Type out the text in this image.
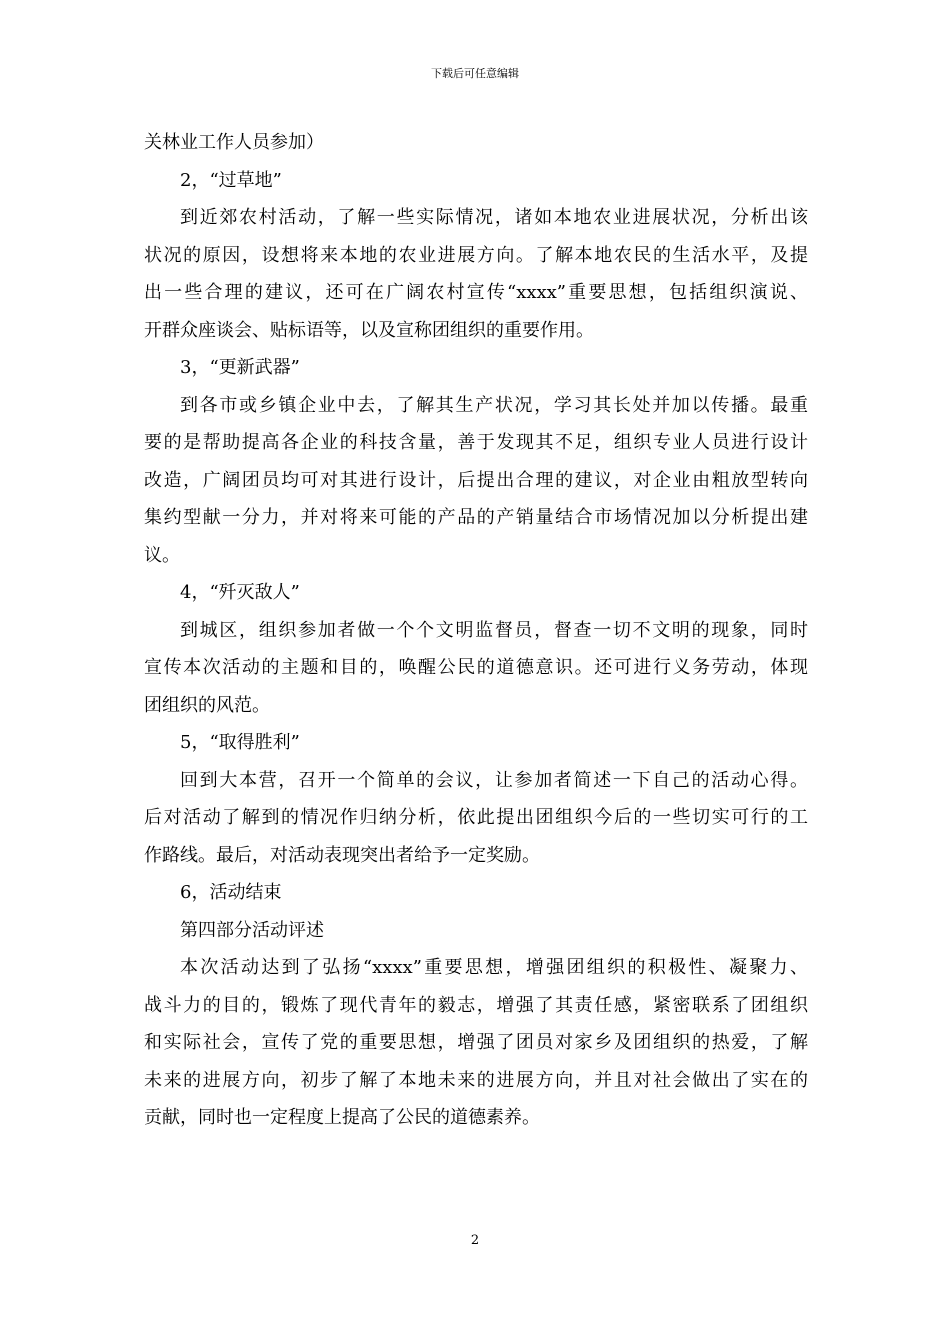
下载后可任意编辑

关林业工作人员参加）

2，“过草地”

到近郊农村活动，了解一些实际情况，诸如本地农业进展状况，分析出该

状况的原因，设想将来本地的农业进展方向。了解本地农民的生活水平，及提

出一些合理的建议，还可在广阔农村宣传“xxxx”重要思想，包括组织演说、

开群众座谈会、贴标语等，以及宣称团组织的重要作用。

3，“更新武器”

到各市或乡镇企业中去，了解其生产状况，学习其长处并加以传播。最重

要的是帮助提高各企业的科技含量，善于发现其不足，组织专业人员进行设计

改造，广阔团员均可对其进行设计，后提出合理的建议，对企业由粗放型转向

集约型献一分力，并对将来可能的产品的产销量结合市场情况加以分析提出建

议。

4，“歼灭敌人”

到城区，组织参加者做一个个文明监督员，督查一切不文明的现象，同时

宣传本次活动的主题和目的，唤醒公民的道德意识。还可进行义务劳动，体现

团组织的风范。

5，“取得胜利”

回到大本营，召开一个简单的会议，让参加者简述一下自己的活动心得。

后对活动了解到的情况作归纳分析，依此提出团组织今后的一些切实可行的工

作路线。最后，对活动表现突出者给予一定奖励。

6，活动结束

第四部分活动评述

本次活动达到了弘扬“xxxx”重要思想，增强团组织的积极性、凝聚力、

战斗力的目的，锻炼了现代青年的毅志，增强了其责任感，紧密联系了团组织

和实际社会，宣传了党的重要思想，增强了团员对家乡及团组织的热爱，了解

未来的进展方向，初步了解了本地未来的进展方向，并且对社会做出了实在的

贡献，同时也一定程度上提高了公民的道德素养。

2
